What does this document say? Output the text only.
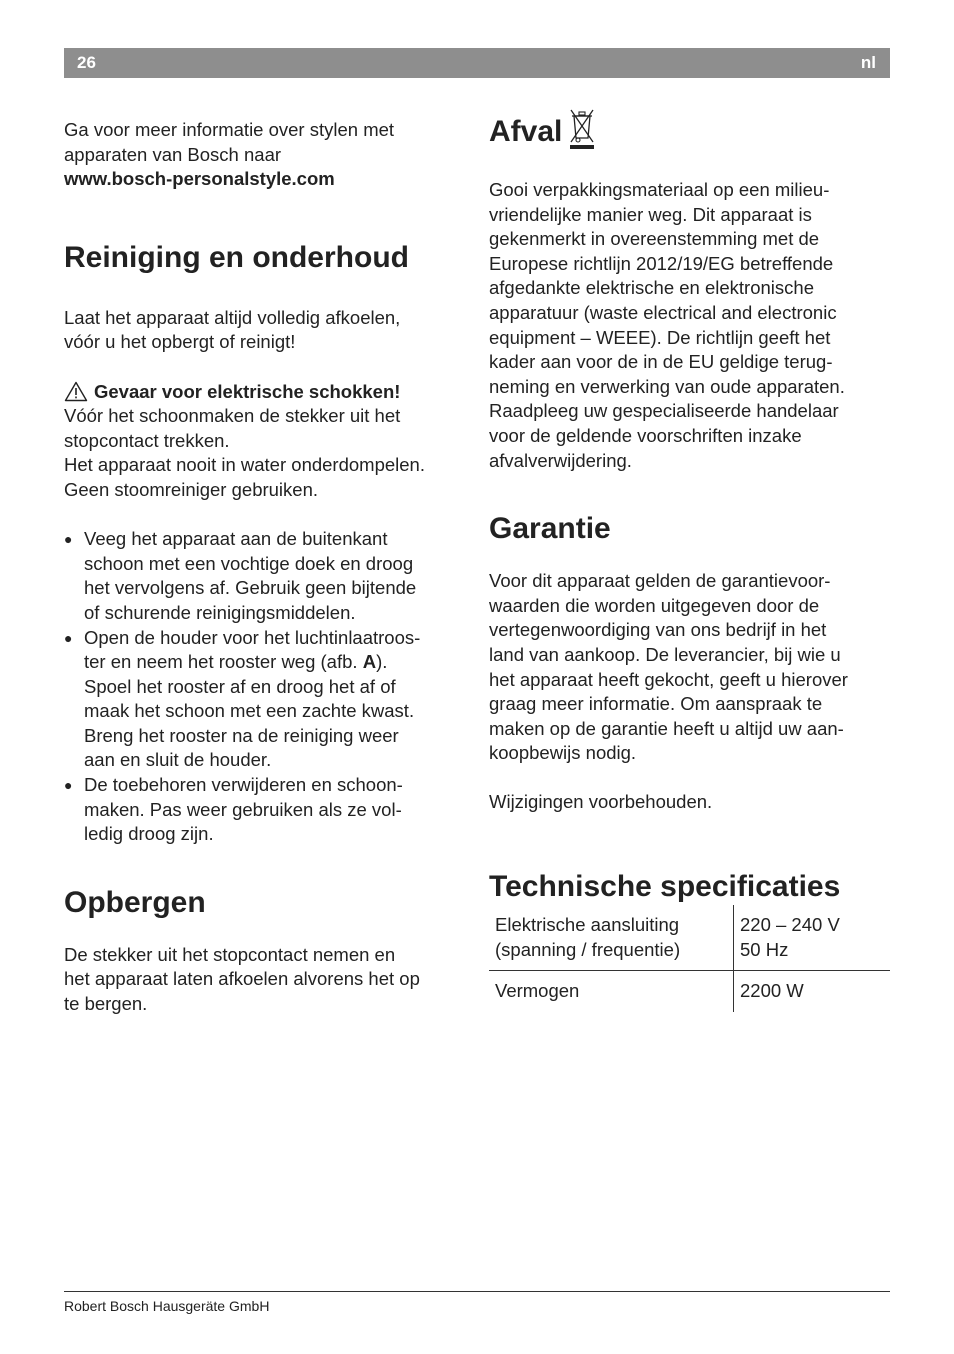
26	nl

Ga voor meer informatie over stylen met
apparaten van Bosch naar
www.bosch-personalstyle.com

Reiniging en onderhoud

Laat het apparaat altijd volledig afkoelen,
vóór u het opbergt of reinigt!

Gevaar voor elektrische schokken!
Vóór het schoonmaken de stekker uit het
stopcontact trekken.
Het apparaat nooit in water onderdompelen.
Geen stoomreiniger gebruiken.

● Veeg het apparaat aan de buitenkant
schoon met een vochtige doek en droog
het vervolgens af. Gebruik geen bijtende
of schurende reinigingsmiddelen.
● Open de houder voor het luchtinlaatroos-
ter en neem het rooster weg (afb. A).
Spoel het rooster af en droog het af of
maak het schoon met een zachte kwast.
Breng het rooster na de reiniging weer
aan en sluit de houder.
● De toebehoren verwijderen en schoon-
maken. Pas weer gebruiken als ze vol-
ledig droog zijn.
Opbergen

De stekker uit het stopcontact nemen en
het apparaat laten afkoelen alvorens het op
te bergen.

Afval

Gooi verpakkingsmateriaal op een milieu-
vriendelijke manier weg. Dit apparaat is
gekenmerkt in overeenstemming met de
Europese richtlijn 2012/19/EG betreffende
afgedankte elektrische en elektronische
apparatuur (waste electrical and electronic
equipment – WEEE). De richtlijn geeft het
kader aan voor de in de EU geldige terug-
neming en verwerking van oude apparaten.
Raadpleeg uw gespecialiseerde handelaar
voor de geldende voorschriften inzake
afvalverwijdering.

Garantie

Voor dit apparaat gelden de garantievoor-
waarden die worden uitgegeven door de
vertegenwoordiging van ons bedrijf in het
land van aankoop. De leverancier, bij wie u
het apparaat heeft gekocht, geeft u hierover
graag meer informatie. Om aanspraak te
maken op de garantie heeft u altijd uw aan-
koopbewijs nodig.

Wijzigingen voorbehouden.

Technische specificaties
Elektrische aansluiting
(spanning / frequentie)	220 – 240 V
50 Hz
Vermogen	2200 W
Robert Bosch Hausgeräte GmbH
